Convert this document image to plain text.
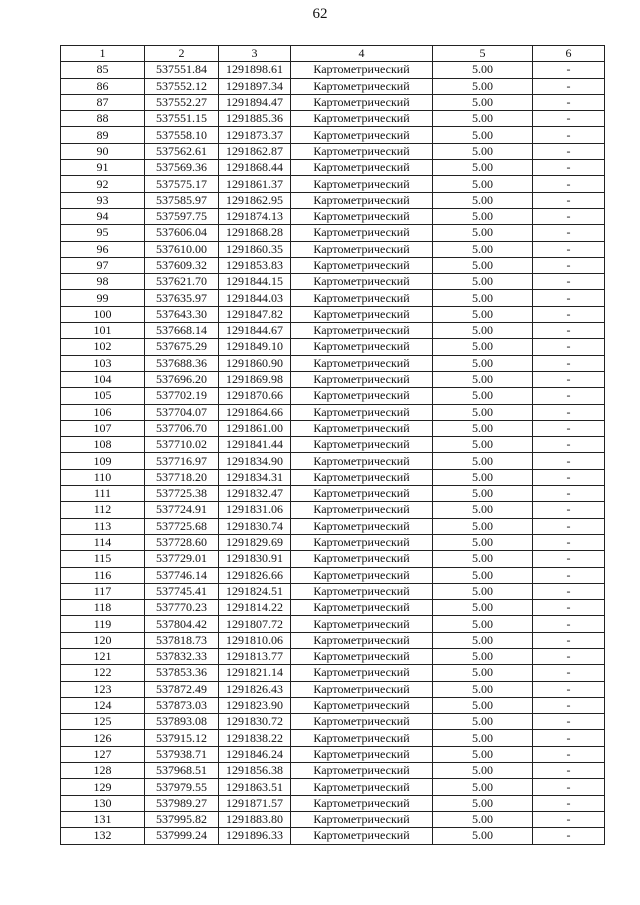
62
1	2	3	4	5	6
85	537551.84	1291898.61	Картометрический	5.00	-
86	537552.12	1291897.34	Картометрический	5.00	-
87	537552.27	1291894.47	Картометрический	5.00	-
88	537551.15	1291885.36	Картометрический	5.00	-
89	537558.10	1291873.37	Картометрический	5.00	-
90	537562.61	1291862.87	Картометрический	5.00	-
91	537569.36	1291868.44	Картометрический	5.00	-
92	537575.17	1291861.37	Картометрический	5.00	-
93	537585.97	1291862.95	Картометрический	5.00	-
94	537597.75	1291874.13	Картометрический	5.00	-
95	537606.04	1291868.28	Картометрический	5.00	-
96	537610.00	1291860.35	Картометрический	5.00	-
97	537609.32	1291853.83	Картометрический	5.00	-
98	537621.70	1291844.15	Картометрический	5.00	-
99	537635.97	1291844.03	Картометрический	5.00	-
100	537643.30	1291847.82	Картометрический	5.00	-
101	537668.14	1291844.67	Картометрический	5.00	-
102	537675.29	1291849.10	Картометрический	5.00	-
103	537688.36	1291860.90	Картометрический	5.00	-
104	537696.20	1291869.98	Картометрический	5.00	-
105	537702.19	1291870.66	Картометрический	5.00	-
106	537704.07	1291864.66	Картометрический	5.00	-
107	537706.70	1291861.00	Картометрический	5.00	-
108	537710.02	1291841.44	Картометрический	5.00	-
109	537716.97	1291834.90	Картометрический	5.00	-
110	537718.20	1291834.31	Картометрический	5.00	-
111	537725.38	1291832.47	Картометрический	5.00	-
112	537724.91	1291831.06	Картометрический	5.00	-
113	537725.68	1291830.74	Картометрический	5.00	-
114	537728.60	1291829.69	Картометрический	5.00	-
115	537729.01	1291830.91	Картометрический	5.00	-
116	537746.14	1291826.66	Картометрический	5.00	-
117	537745.41	1291824.51	Картометрический	5.00	-
118	537770.23	1291814.22	Картометрический	5.00	-
119	537804.42	1291807.72	Картометрический	5.00	-
120	537818.73	1291810.06	Картометрический	5.00	-
121	537832.33	1291813.77	Картометрический	5.00	-
122	537853.36	1291821.14	Картометрический	5.00	-
123	537872.49	1291826.43	Картометрический	5.00	-
124	537873.03	1291823.90	Картометрический	5.00	-
125	537893.08	1291830.72	Картометрический	5.00	-
126	537915.12	1291838.22	Картометрический	5.00	-
127	537938.71	1291846.24	Картометрический	5.00	-
128	537968.51	1291856.38	Картометрический	5.00	-
129	537979.55	1291863.51	Картометрический	5.00	-
130	537989.27	1291871.57	Картометрический	5.00	-
131	537995.82	1291883.80	Картометрический	5.00	-
132	537999.24	1291896.33	Картометрический	5.00	-
